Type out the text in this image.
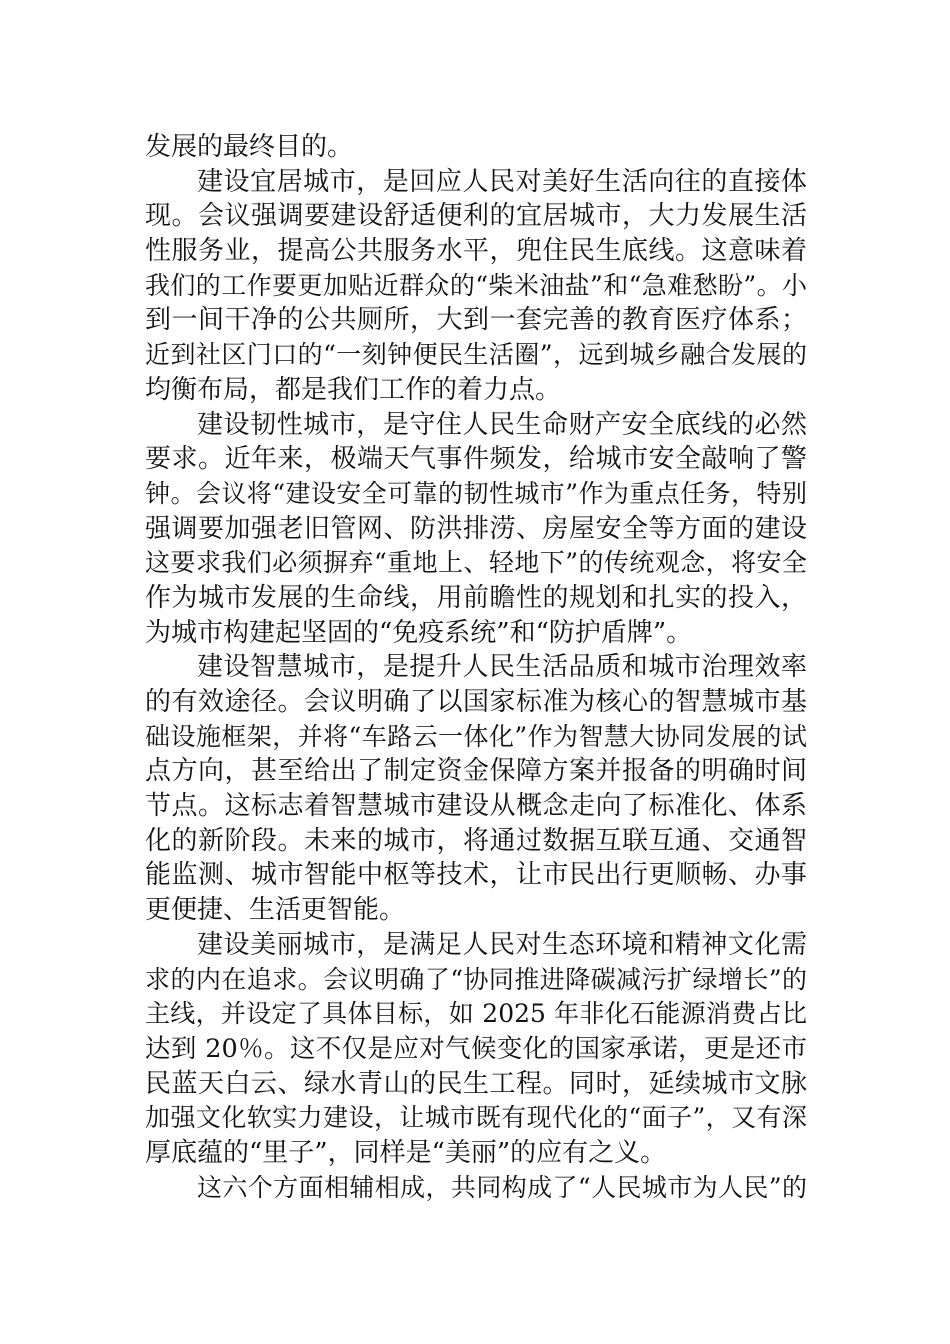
发展的最终目的。
建设宜居城市，是回应人民对美好生活向往的直接体
现。会议强调要建设舒适便利的宜居城市，大力发展生活
性服务业，提高公共服务水平，兜住民生底线。这意味着
我们的工作要更加贴近群众的“柴米油盐”和“急难愁盼”。小
到一间干净的公共厕所，大到一套完善的教育医疗体系；
近到社区门口的“一刻钟便民生活圈”，远到城乡融合发展的
均衡布局，都是我们工作的着力点。
建设韧性城市，是守住人民生命财产安全底线的必然
要求。近年来，极端天气事件频发，给城市安全敲响了警
钟。会议将“建设安全可靠的韧性城市”作为重点任务，特别
强调要加强老旧管网、防洪排涝、房屋安全等方面的建设
这要求我们必须摒弃“重地上、轻地下”的传统观念，将安全
作为城市发展的生命线，用前瞻性的规划和扎实的投入，
为城市构建起坚固的“免疫系统”和“防护盾牌”。
建设智慧城市，是提升人民生活品质和城市治理效率
的有效途径。会议明确了以国家标准为核心的智慧城市基
础设施框架，并将“车路云一体化”作为智慧大协同发展的试
点方向，甚至给出了制定资金保障方案并报备的明确时间
节点。这标志着智慧城市建设从概念走向了标准化、体系
化的新阶段。未来的城市，将通过数据互联互通、交通智
能监测、城市智能中枢等技术，让市民出行更顺畅、办事
更便捷、生活更智能。
建设美丽城市，是满足人民对生态环境和精神文化需
求的内在追求。会议明确了“协同推进降碳减污扩绿增长”的
主线，并设定了具体目标，如 2025 年非化石能源消费占比
达到 20％。这不仅是应对气候变化的国家承诺，更是还市
民蓝天白云、绿水青山的民生工程。同时，延续城市文脉
加强文化软实力建设，让城市既有现代化的“面子”，又有深
厚底蕴的“里子”，同样是“美丽”的应有之义。
这六个方面相辅相成，共同构成了“人民城市为人民”的
